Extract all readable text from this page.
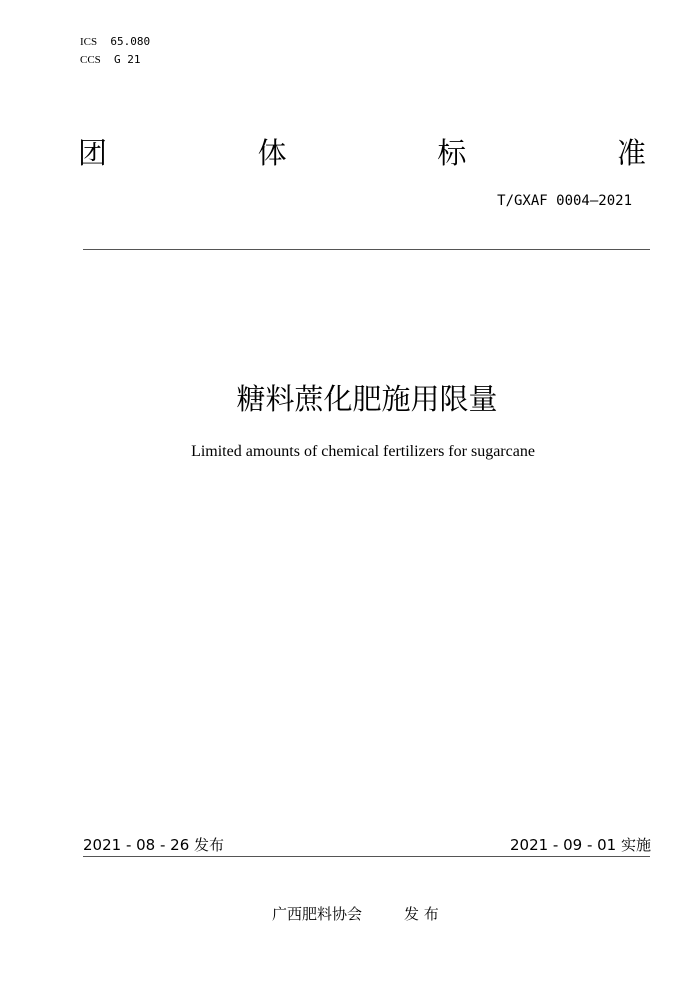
ICS 65.080
CCS G 21
团	体	标	准
T/GXAF 0004—2021
糖料蔗化肥施用限量
Limited amounts of chemical fertilizers for sugarcane
2021 - 08 - 26 发布	2021 - 09 - 01 实施
广西肥料协会	发 布
